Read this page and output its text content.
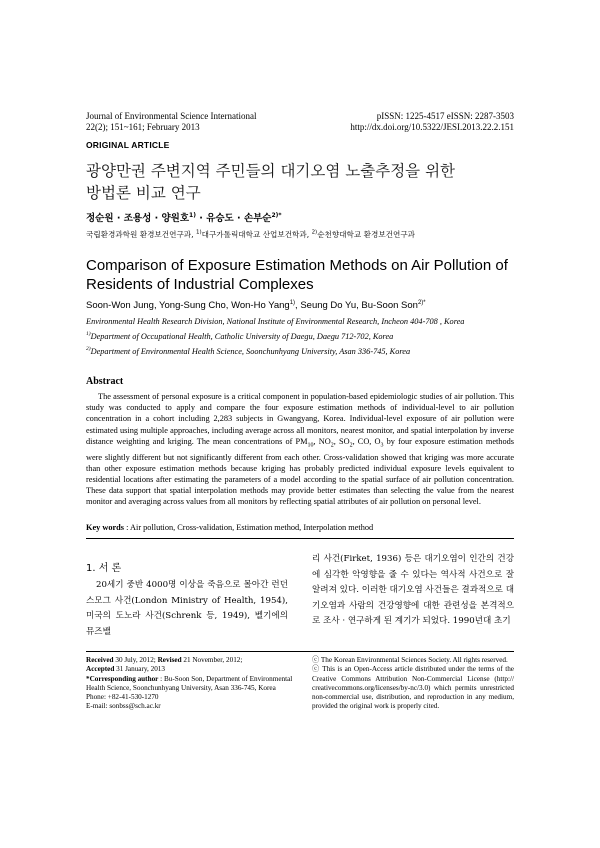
Journal of Environmental Science International
22(2); 151~161; February 2013
pISSN: 1225-4517 eISSN: 2287-3503
http://dx.doi.org/10.5322/JESI.2013.22.2.151
ORIGINAL ARTICLE
광양만권 주변지역 주민들의 대기오염 노출추정을 위한
방법론 비교 연구
정순원 · 조용성 · 양원호$^{1)}$ · 유승도 · 손부순$^{2)*}$
국립환경과학원 환경보건연구과, $^{1)}$대구가톨릭대학교 산업보건학과, $^{2)}$순천향대학교 환경보건연구과
Comparison of Exposure Estimation Methods on Air Pollution of
Residents of Industrial Complexes
Soon-Won Jung, Yong-Sung Cho, Won-Ho Yang$^{1)}$, Seung Do Yu, Bu-Soon Son$^{2)*}$
Environmental Health Research Division, National Institute of Environmental Research, Incheon 404-708 , Korea
$^{1)}$Department of Occupational Health, Catholic University of Daegu, Daegu 712-702, Korea
$^{2)}$Department of Environmental Health Science, Soonchunhyang University, Asan 336-745, Korea
Abstract
The assessment of personal exposure is a critical component in population-based epidemiologic studies of air pollution. This study was conducted to apply and compare the four exposure estimation methods of individual-level to air pollution concentration in a cohort including 2,283 subjects in Gwangyang, Korea. Individual-level exposure of air pollution were estimated using multiple approaches, including average across all monitors, nearest monitor, and spatial interpolation by inverse distance weighting and kriging. The mean concentrations of $PM_{10}$, $NO_2$, $SO_2$, CO, $O_3$ by four exposure estimation methods were slightly different but not significantly different from each other. Cross-validation showed that kriging was more accurate than other exposure estimation methods because kriging has probably predicted individual exposure levels equivalent to residential locations after estimating the parameters of a model according to the spatial surface of air pollution concentration. These data support that spatial interpolation methods may provide better estimates than selecting the value from the nearest monitor and averaging across values from all monitors by reflecting spatial attributes of air pollution on personal level.
Key words : Air pollution, Cross-validation, Estimation method, Interpolation method
1. 서 론
20세기 중반 4000명 이상을 죽음으로 몰아간 런던 스모그 사건(London Ministry of Health, 1954), 미국의 도노라 사건(Schrenk 등, 1949), 벨기에의 뮤즈밸
리 사건(Firket, 1936) 등은 대기오염이 인간의 건강에 심각한 악영향을 줄 수 있다는 역사적 사건으로 잘 알려져 있다. 이러한 대기오염 사건들은 결과적으로 대기오염과 사람의 건강영향에 대한 관련성을 본격적으로 조사 · 연구하게 된 계기가 되었다. 1990년대 초기
Received 30 July, 2012; Revised 21 November, 2012;
Accepted 31 January, 2013
*Corresponding author : Bu-Soon Son, Department of Environmental Health Science, Soonchunhyang University, Asan 336-745, Korea
Phone: +82-41-530-1270
E-mail: sonbss@sch.ac.kr
ⓒ The Korean Environmental Sciences Society. All rights reserved.
ⓒ This is an Open-Access article distributed under the terms of the Creative Commons Attribution Non-Commercial License (http:// creativecommons.org/licenses/by-nc/3.0) which permits unrestricted non-commercial use, distribution, and reproduction in any medium, provided the original work is properly cited.
